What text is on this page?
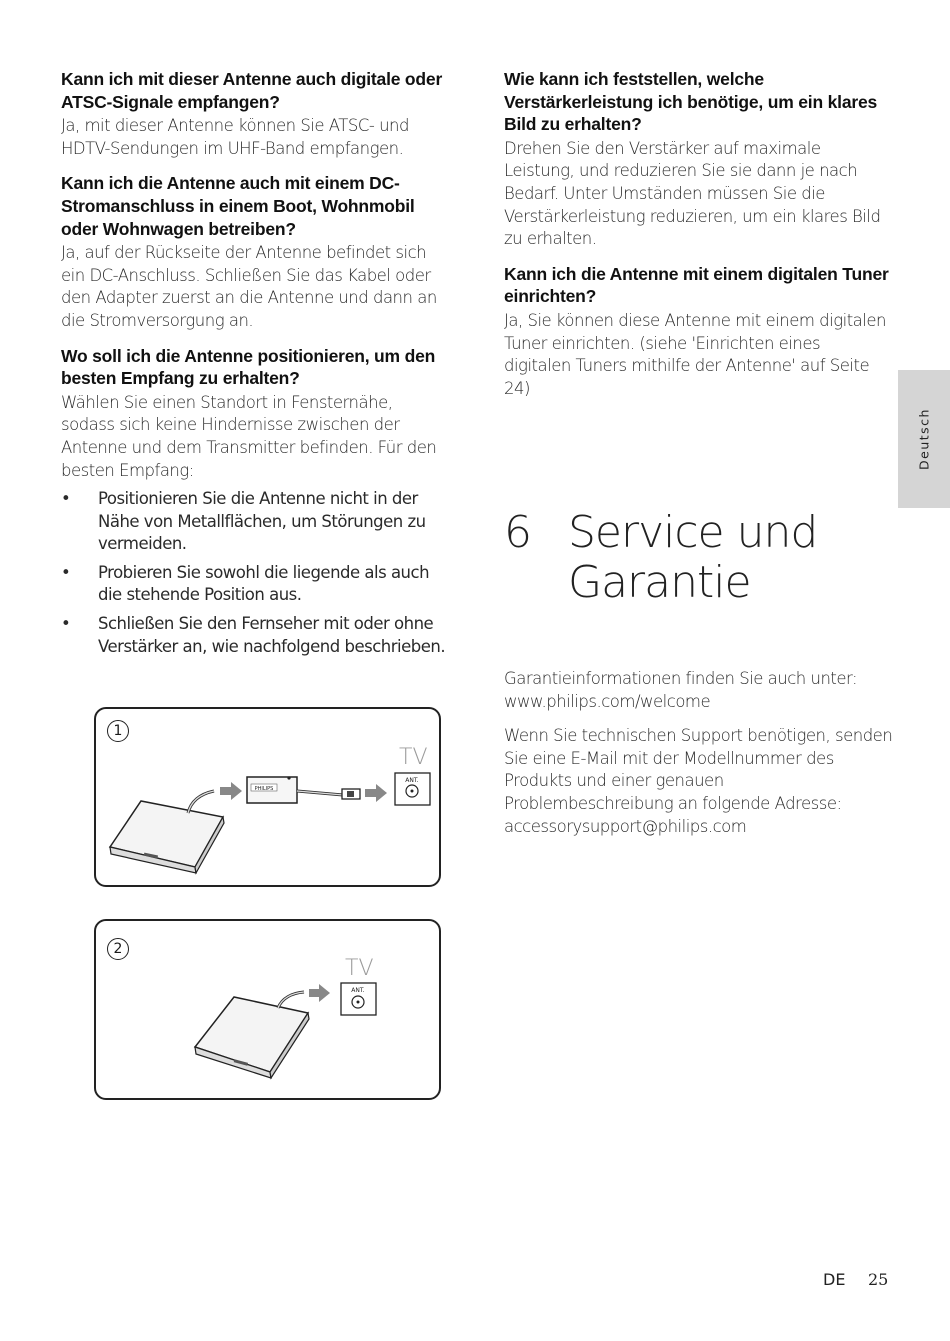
Kann ich mit dieser Antenne auch digitale oder ATSC-Signale empfangen?

Ja, mit dieser Antenne können Sie ATSC- und HDTV-Sendungen im UHF-Band empfangen.

Kann ich die Antenne auch mit einem DC-Stromanschluss in einem Boot, Wohnmobil oder Wohnwagen betreiben?

Ja, auf der Rückseite der Antenne befindet sich ein DC-Anschluss. Schließen Sie das Kabel oder den Adapter zuerst an die Antenne und dann an die Stromversorgung an.

Wo soll ich die Antenne positionieren, um den besten Empfang zu erhalten?

Wählen Sie einen Standort in Fensternähe, sodass sich keine Hindernisse zwischen der Antenne und dem Transmitter befinden. Für den besten Empfang:

• Positionieren Sie die Antenne nicht in der Nähe von Metallflächen, um Störungen zu vermeiden.
• Probieren Sie sowohl die liegende als auch die stehende Position aus.
• Schließen Sie den Fernseher mit oder ohne Verstärker an, wie nachfolgend beschrieben.
PHILIPS
ANT.
1
TV
ANT.
2
TV
Wie kann ich feststellen, welche Verstärkerleistung ich benötige, um ein klares Bild zu erhalten?

Drehen Sie den Verstärker auf maximale Leistung, und reduzieren Sie sie dann je nach Bedarf. Unter Umständen müssen Sie die Verstärkerleistung reduzieren, um ein klares Bild zu erhalten.

Kann ich die Antenne mit einem digitalen Tuner einrichten?

Ja, Sie können diese Antenne mit einem digitalen Tuner einrichten. (siehe 'Einrichten eines digitalen Tuners mithilfe der Antenne' auf Seite 24)

6 Service und Garantie

Garantieinformationen finden Sie auch unter: www.philips.com/welcome

Wenn Sie technischen Support benötigen, senden Sie eine E-Mail mit der Modellnummer des Produkts und einer genauen Problembeschreibung an folgende Adresse: accessorysupport@philips.com

Deutsch
DE 25
